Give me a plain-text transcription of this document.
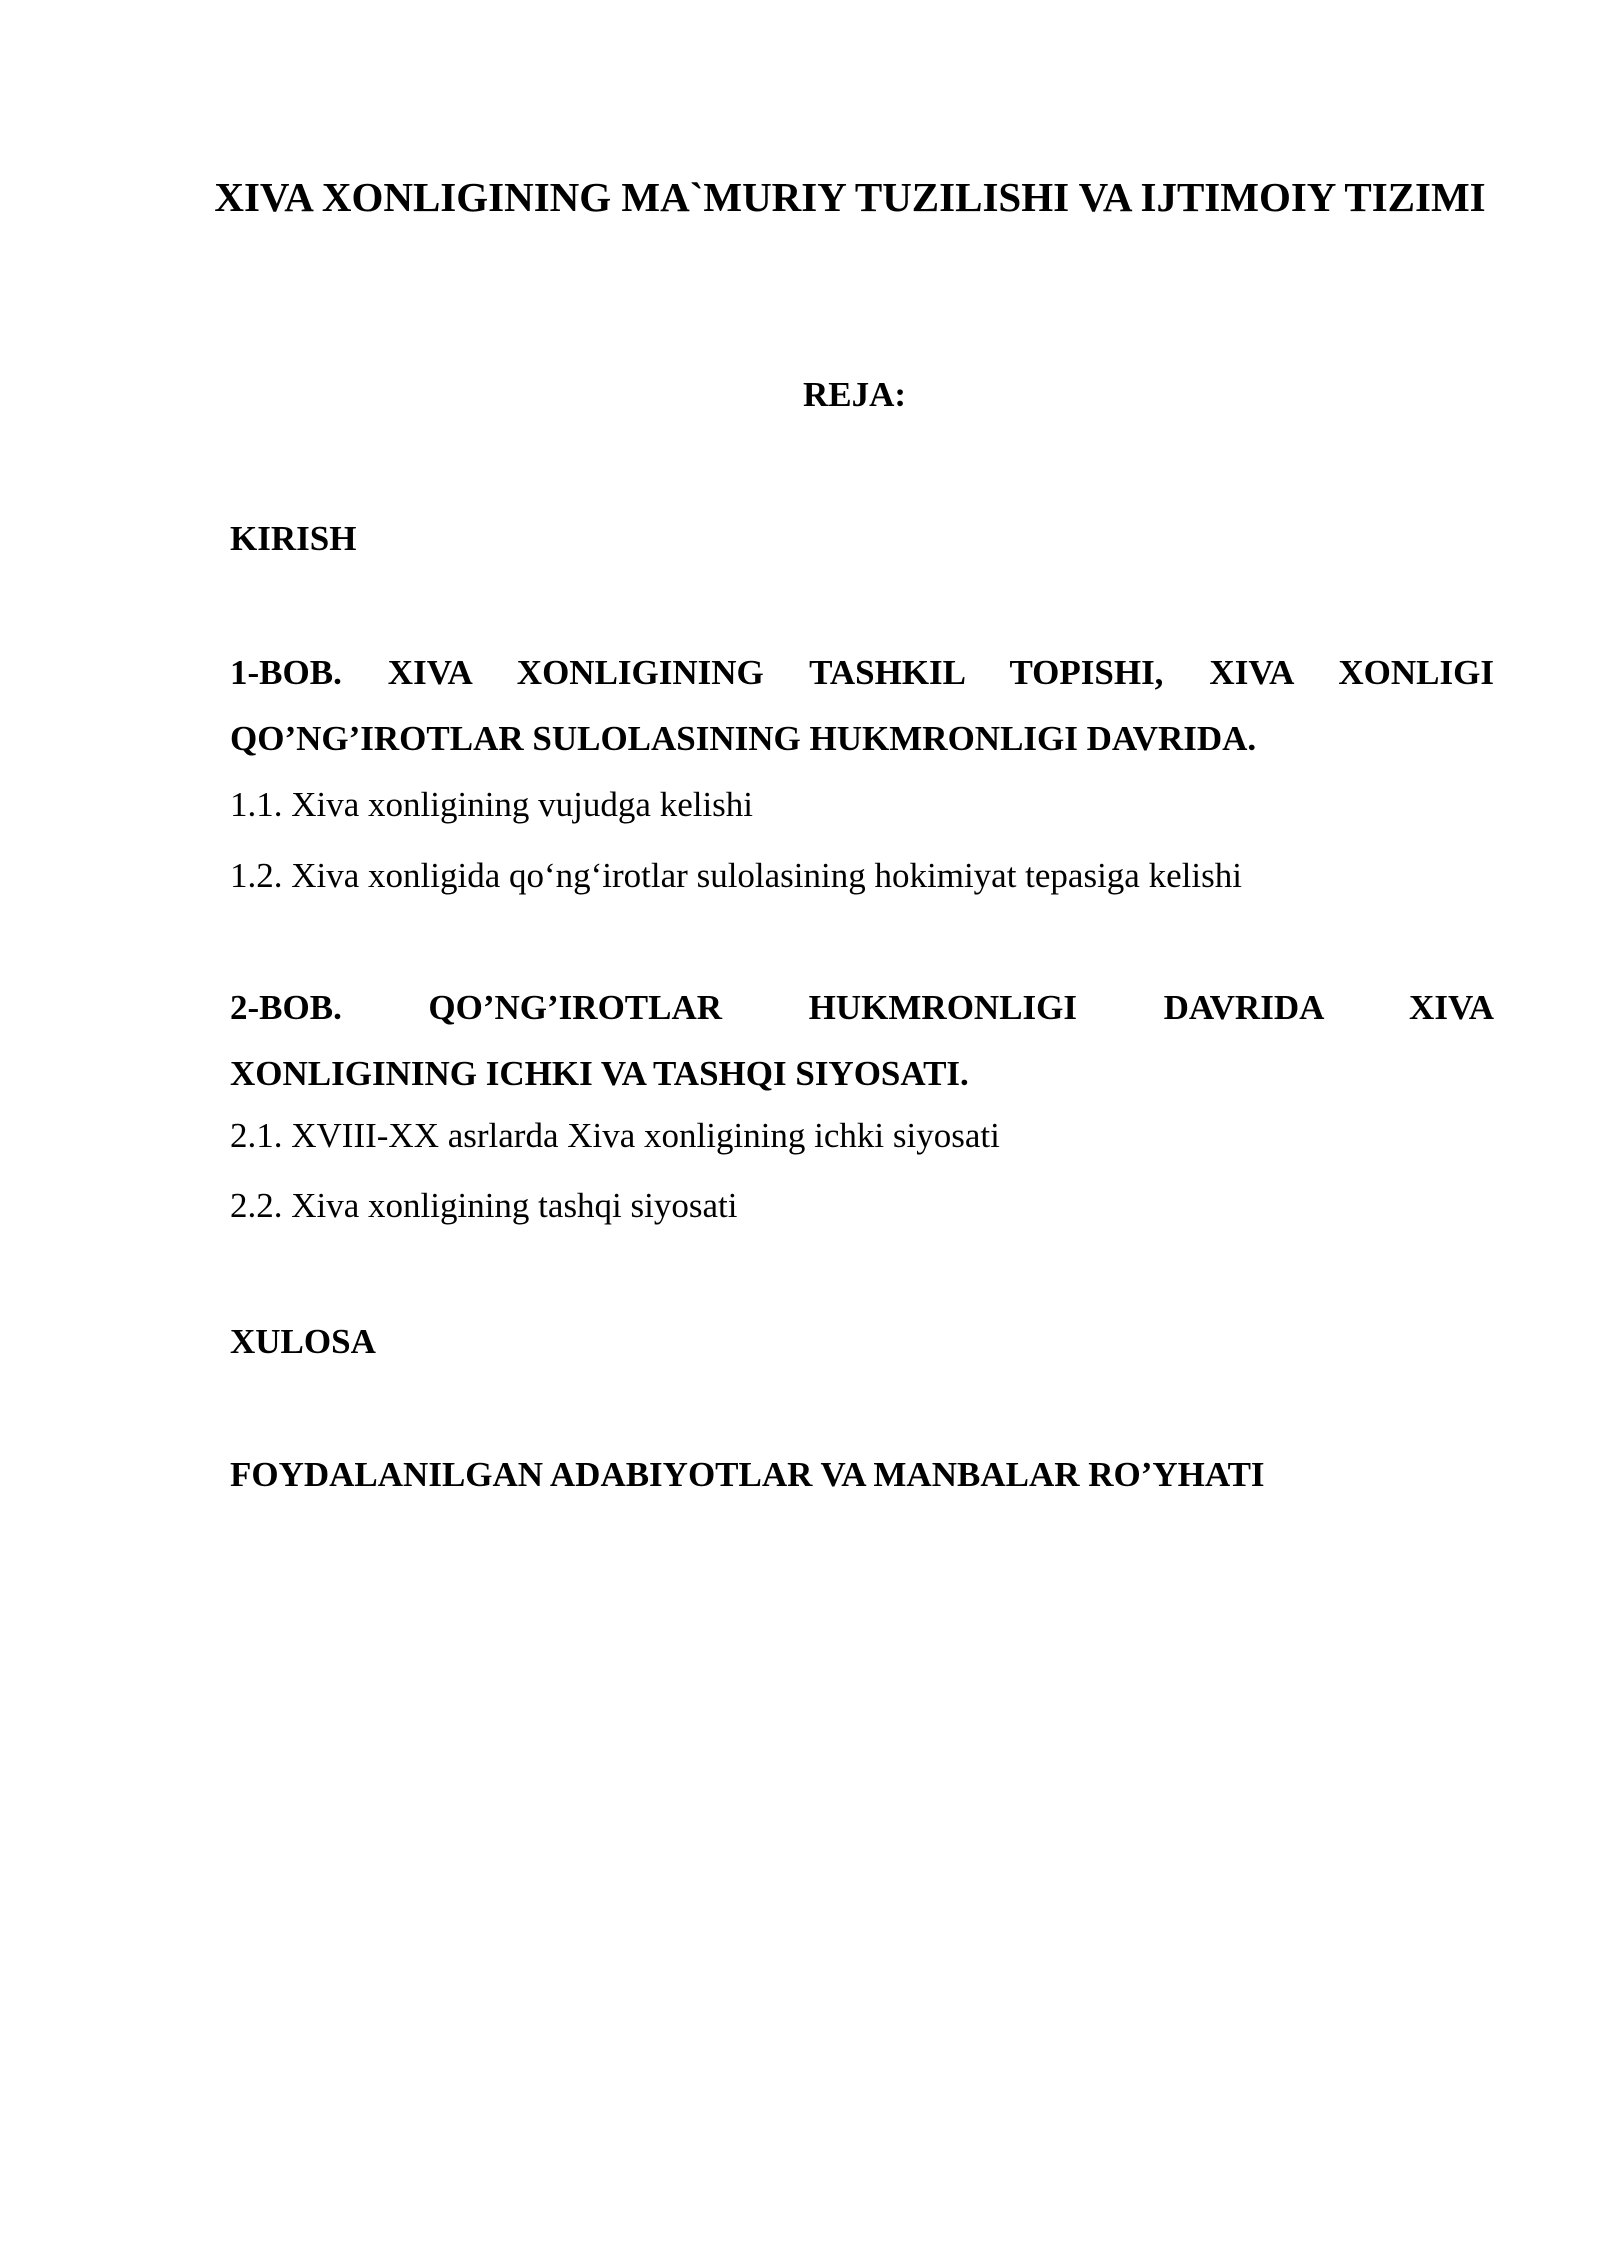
XIVA XONLIGINING MA`MURIY TUZILISHI VA IJTIMOIY TIZIMI
REJA:
KIRISH
1-BOB. XIVA XONLIGINING TASHKIL TOPISHI, XIVA XONLIGI
QO’NG’IROTLAR SULOLASINING HUKMRONLIGI DAVRIDA.
1.1. Xiva xonligining vujudga kelishi
1.2. Xiva xonligida qo‘ng‘irotlar sulolasining hokimiyat tepasiga kelishi
2-BOB. QO’NG’IROTLAR HUKMRONLIGI DAVRIDA XIVA
XONLIGINING ICHKI VA TASHQI SIYOSATI.
2.1. XVIII-XX asrlarda Xiva xonligining ichki siyosati
2.2. Xiva xonligining tashqi siyosati
XULOSA
FOYDALANILGAN ADABIYOTLAR VA MANBALAR RO’YHATI
